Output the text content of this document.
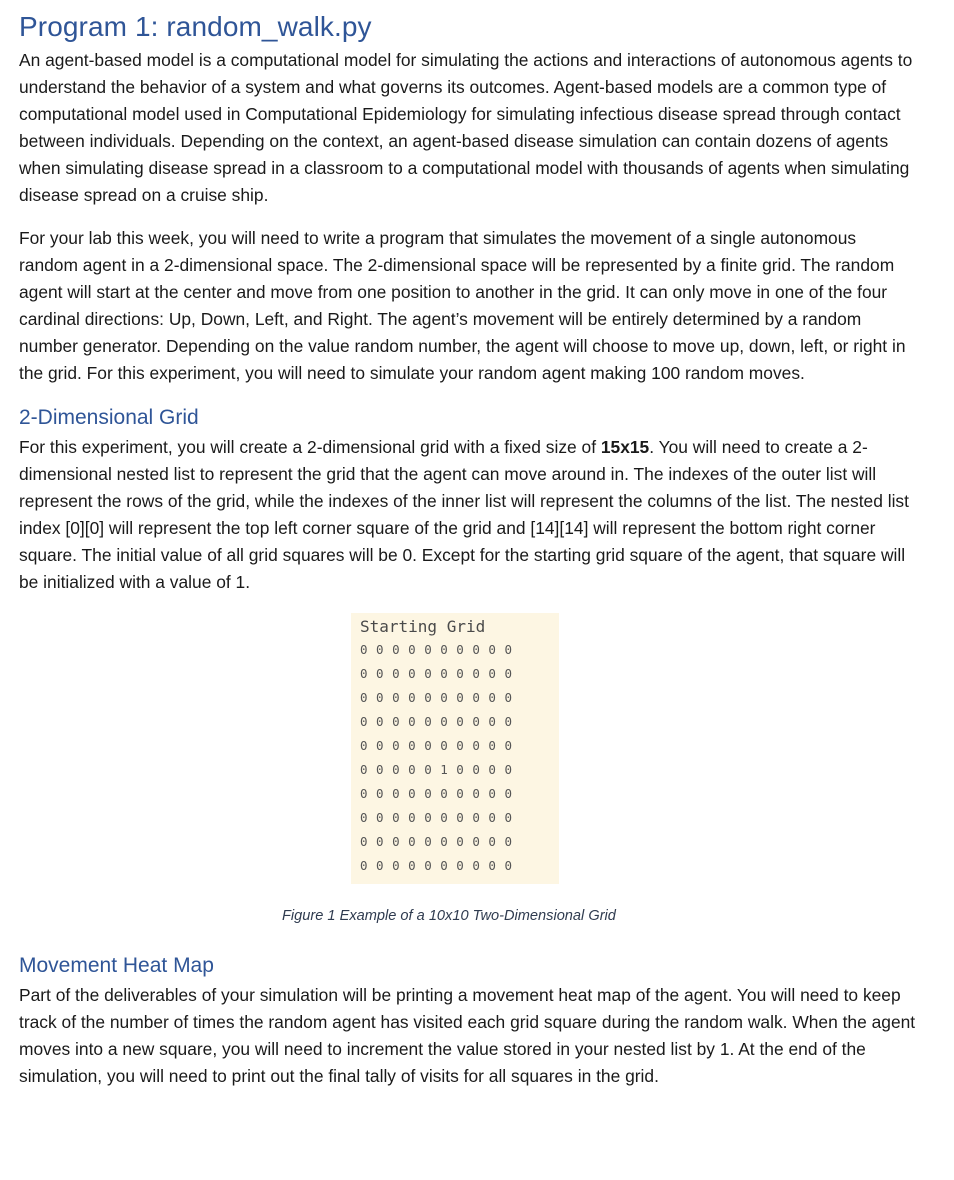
Program 1: random_walk.py

An agent-based model is a computational model for simulating the actions and interactions of autonomous agents to understand the behavior of a system and what governs its outcomes. Agent-based models are a common type of computational model used in Computational Epidemiology for simulating infectious disease spread through contact between individuals. Depending on the context, an agent-based disease simulation can contain dozens of agents when simulating disease spread in a classroom to a computational model with thousands of agents when simulating disease spread on a cruise ship.

For your lab this week, you will need to write a program that simulates the movement of a single autonomous random agent in a 2-dimensional space. The 2-dimensional space will be represented by a finite grid. The random agent will start at the center and move from one position to another in the grid. It can only move in one of the four cardinal directions: Up, Down, Left, and Right. The agent’s movement will be entirely determined by a random number generator. Depending on the value random number, the agent will choose to move up, down, left, or right in the grid. For this experiment, you will need to simulate your random agent making 100 random moves.

2-Dimensional Grid

For this experiment, you will create a 2-dimensional grid with a fixed size of 15x15. You will need to create a 2-dimensional nested list to represent the grid that the agent can move around in. The indexes of the outer list will represent the rows of the grid, while the indexes of the inner list will represent the columns of the list. The nested list index [0][0] will represent the top left corner square of the grid and [14][14] will represent the bottom right corner square. The initial value of all grid squares will be 0. Except for the starting grid square of the agent, that square will be initialized with a value of 1.

Starting Grid
0 0 0 0 0 0 0 0 0 0
0 0 0 0 0 0 0 0 0 0
0 0 0 0 0 0 0 0 0 0
0 0 0 0 0 0 0 0 0 0
0 0 0 0 0 0 0 0 0 0
0 0 0 0 0 1 0 0 0 0
0 0 0 0 0 0 0 0 0 0
0 0 0 0 0 0 0 0 0 0
0 0 0 0 0 0 0 0 0 0
0 0 0 0 0 0 0 0 0 0
Figure 1 Example of a 10x10 Two-Dimensional Grid
Movement Heat Map

Part of the deliverables of your simulation will be printing a movement heat map of the agent. You will need to keep track of the number of times the random agent has visited each grid square during the random walk. When the agent moves into a new square, you will need to increment the value stored in your nested list by 1. At the end of the simulation, you will need to print out the final tally of visits for all squares in the grid.
